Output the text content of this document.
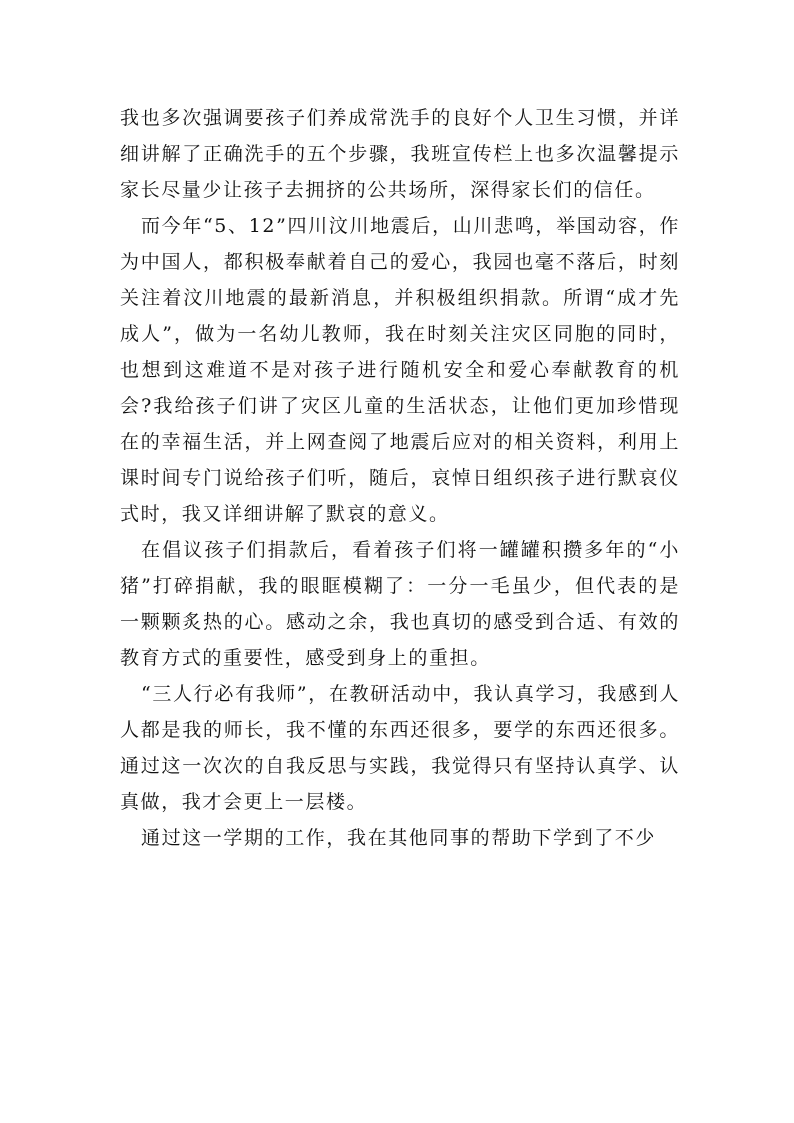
我也多次强调要孩子们养成常洗手的良好个人卫生习惯，并详细讲解了正确洗手的五个步骤，我班宣传栏上也多次温馨提示家长尽量少让孩子去拥挤的公共场所，深得家长们的信任。

而今年“5、12”四川汶川地震后，山川悲鸣，举国动容，作为中国人，都积极奉献着自己的爱心，我园也毫不落后，时刻关注着汶川地震的最新消息，并积极组织捐款。所谓“成才先成人”，做为一名幼儿教师，我在时刻关注灾区同胞的同时，也想到这难道不是对孩子进行随机安全和爱心奉献教育的机会?我给孩子们讲了灾区儿童的生活状态，让他们更加珍惜现在的幸福生活，并上网查阅了地震后应对的相关资料，利用上课时间专门说给孩子们听，随后，哀悼日组织孩子进行默哀仪式时，我又详细讲解了默哀的意义。

在倡议孩子们捐款后，看着孩子们将一罐罐积攒多年的“小猪”打碎捐献，我的眼眶模糊了：一分一毛虽少，但代表的是一颗颗炙热的心。感动之余，我也真切的感受到合适、有效的教育方式的重要性，感受到身上的重担。

“三人行必有我师”，在教研活动中，我认真学习，我感到人人都是我的师长，我不懂的东西还很多，要学的东西还很多。通过这一次次的自我反思与实践，我觉得只有坚持认真学、认真做，我才会更上一层楼。

通过这一学期的工作，我在其他同事的帮助下学到了不少
